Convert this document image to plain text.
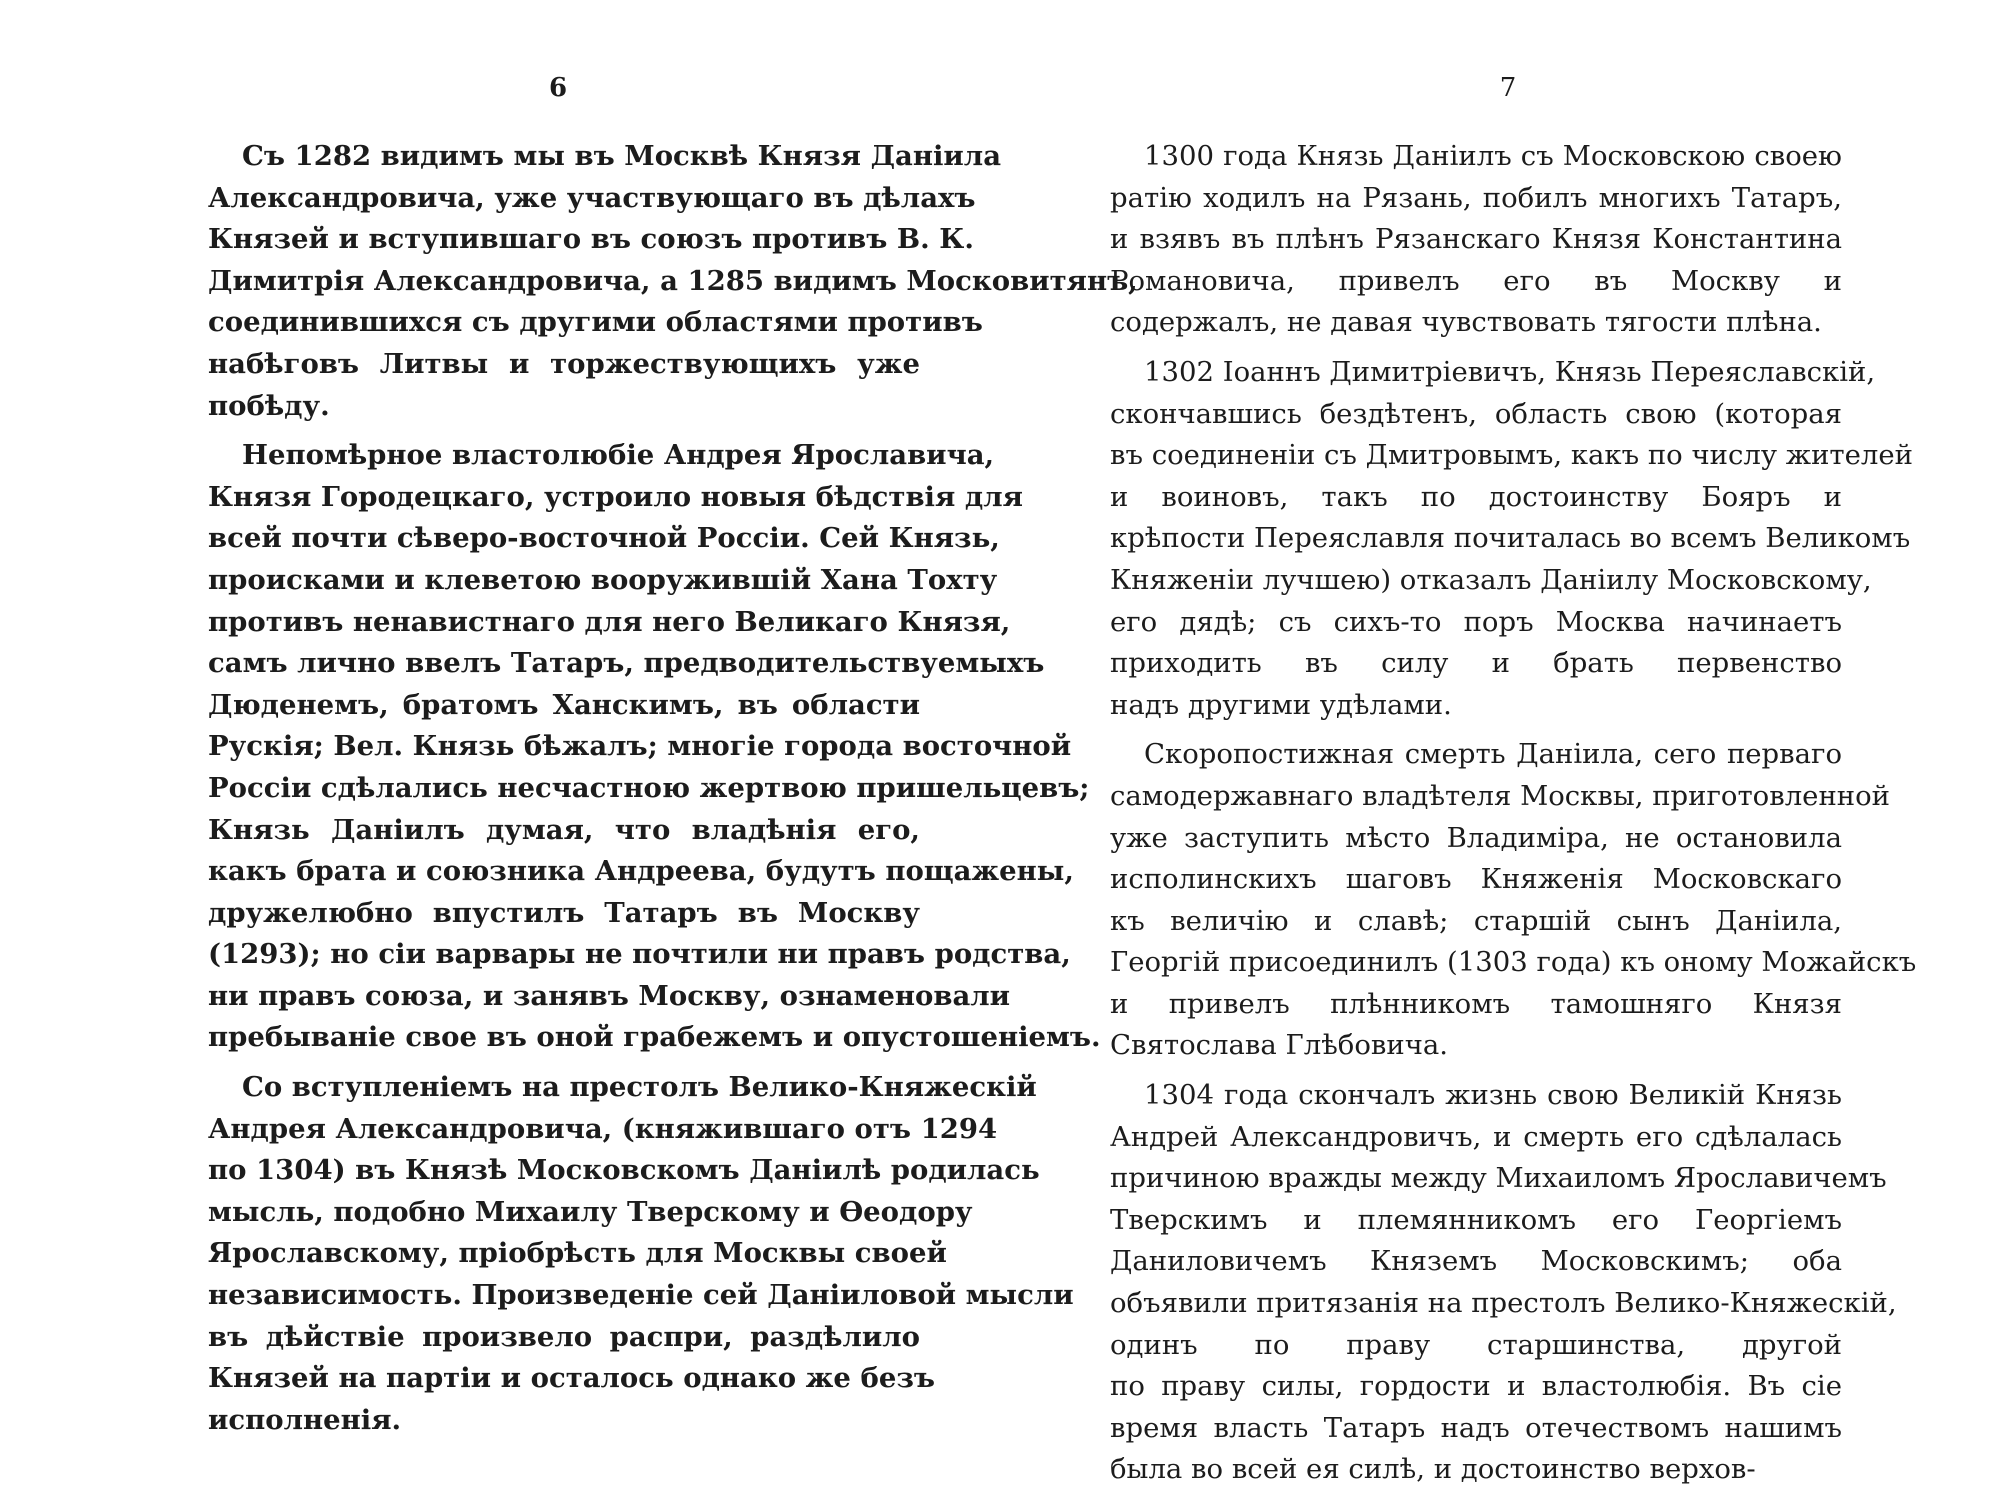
6
Съ 1282 видимъ мы въ Москвѣ Князя Данiила
Александровича, уже участвующаго въ дѣлахъ
Князей и вступившаго въ союзъ противъ В. К.
Димитрiя Александровича, а 1285 видимъ Московитянъ,
соединившихся съ другими областями противъ
набѣговъ Литвы и торжествующихъ уже
побѣду.
Непомѣрное властолюбiе Андрея Ярославича,
Князя Городецкаго, устроило новыя бѣдствiя для
всей почти сѣверо-восточной Россiи. Сей Князь,
происками и клеветою вооружившiй Хана Тохту
противъ ненавистнаго для него Великаго Князя,
самъ лично ввелъ Татаръ, предводительствуемыхъ
Дюденемъ, братомъ Ханскимъ, въ области
Рускiя; Вел. Князь бѣжалъ; многiе города восточной
Россiи сдѣлались несчастною жертвою пришельцевъ;
Князь Данiилъ думая, что владѣнiя его,
какъ брата и союзника Андреева, будутъ пощажены,
дружелюбно впустилъ Татаръ въ Москву
(1293); но сiи варвары не почтили ни правъ родства,
ни правъ союза, и занявъ Москву, ознаменовали
пребыванiе свое въ оной грабежемъ и опустошенiемъ.
Со вступленiемъ на престолъ Велико-Княжескiй
Андрея Александровича, (княжившаго отъ 1294
по 1304) въ Князѣ Московскомъ Данiилѣ родилась
мысль, подобно Михаилу Тверскому и Ѳеодору
Ярославскому, прiобрѣсть для Москвы своей
независимость. Произведенiе сей Данiиловой мысли
въ дѣйствiе произвело распри, раздѣлило
Князей на партiи и осталось однако же безъ
исполненiя.
7
1300 года Князь Данiилъ съ Московскою своею
ратiю ходилъ на Рязань, побилъ многихъ Татаръ,
и взявъ въ плѣнъ Рязанскаго Князя Константина
Романовича, привелъ его въ Москву и
содержалъ, не давая чувствовать тягости плѣна.
1302 Iоаннъ Димитрiевичъ, Князь Переяславскiй,
скончавшись бездѣтенъ, область свою (которая
въ соединенiи съ Дмитровымъ, какъ по числу жителей
и воиновъ, такъ по достоинству Бояръ и
крѣпости Переяславля почиталась во всемъ Великомъ
Княженiи лучшею) отказалъ Данiилу Московскому,
его дядѣ; съ сихъ-то поръ Москва начинаетъ
приходить въ силу и брать первенство
надъ другими удѣлами.
Скоропостижная смерть Данiила, сего перваго
самодержавнаго владѣтеля Москвы, приготовленной
уже заступить мѣсто Владимiра, не остановила
исполинскихъ шаговъ Княженiя Московскаго
къ величiю и славѣ; старшiй сынъ Данiила,
Георгiй присоединилъ (1303 года) къ оному Можайскъ
и привелъ плѣнникомъ тамошняго Князя
Святослава Глѣбовича.
1304 года скончалъ жизнь свою Великiй Князь
Андрей Александровичъ, и смерть его сдѣлалась
причиною вражды между Михаиломъ Ярославичемъ
Тверскимъ и племянникомъ его Георгiемъ
Даниловичемъ Княземъ Московскимъ; оба
объявили притязанiя на престолъ Велико-Княжескiй,
одинъ по праву старшинства, другой
по праву силы, гордости и властолюбiя. Въ сiе
время власть Татаръ надъ отечествомъ нашимъ
была во всей ея силѣ, и достоинство верхов-
